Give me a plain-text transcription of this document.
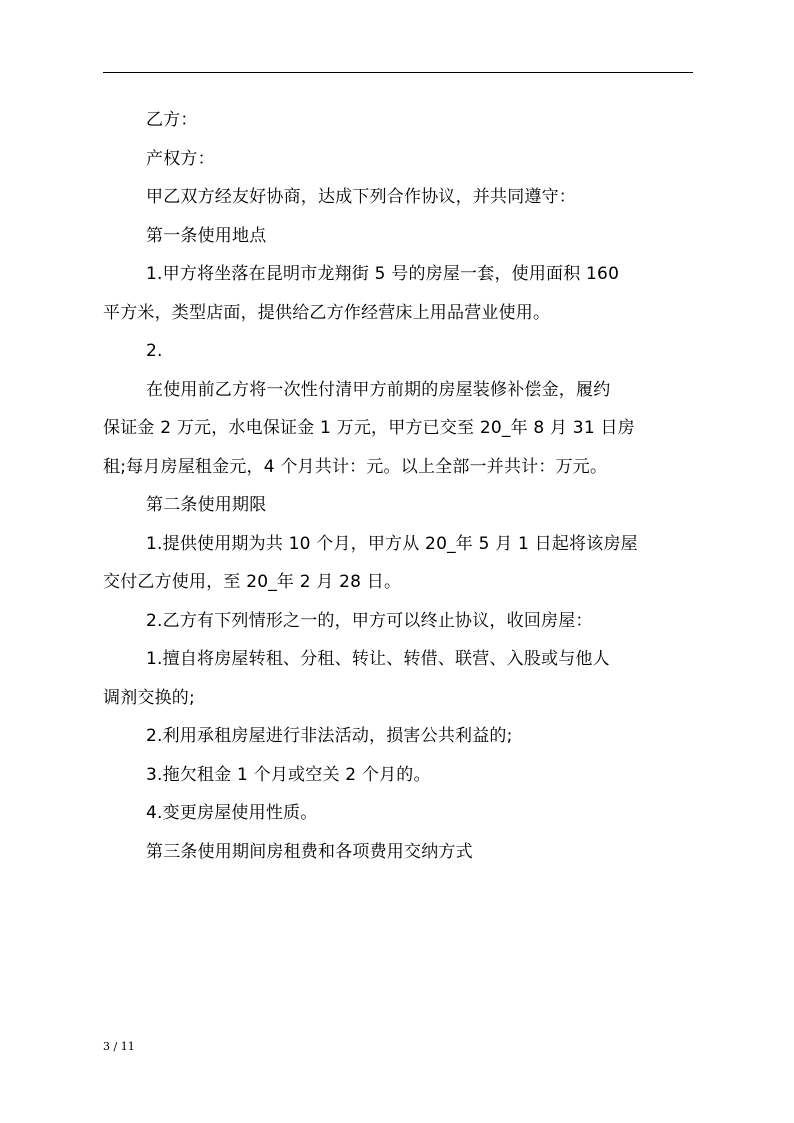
乙方：

产权方：

甲乙双方经友好协商，达成下列合作协议，并共同遵守：

第一条使用地点

1.甲方将坐落在昆明市龙翔街 5 号的房屋一套，使用面积 160

平方米，类型店面，提供给乙方作经营床上用品营业使用。

2.

在使用前乙方将一次性付清甲方前期的房屋装修补偿金，履约

保证金 2 万元，水电保证金 1 万元，甲方已交至 20_年 8 月 31 日房

租;每月房屋租金元，4 个月共计：元。以上全部一并共计：万元。

第二条使用期限

1.提供使用期为共 10 个月，甲方从 20_年 5 月 1 日起将该房屋

交付乙方使用，至 20_年 2 月 28 日。

2.乙方有下列情形之一的，甲方可以终止协议，收回房屋：

1.擅自将房屋转租、分租、转让、转借、联营、入股或与他人

调剂交换的;

2.利用承租房屋进行非法活动，损害公共利益的;

3.拖欠租金 1 个月或空关 2 个月的。

4.变更房屋使用性质。

第三条使用期间房租费和各项费用交纳方式

3 / 11
